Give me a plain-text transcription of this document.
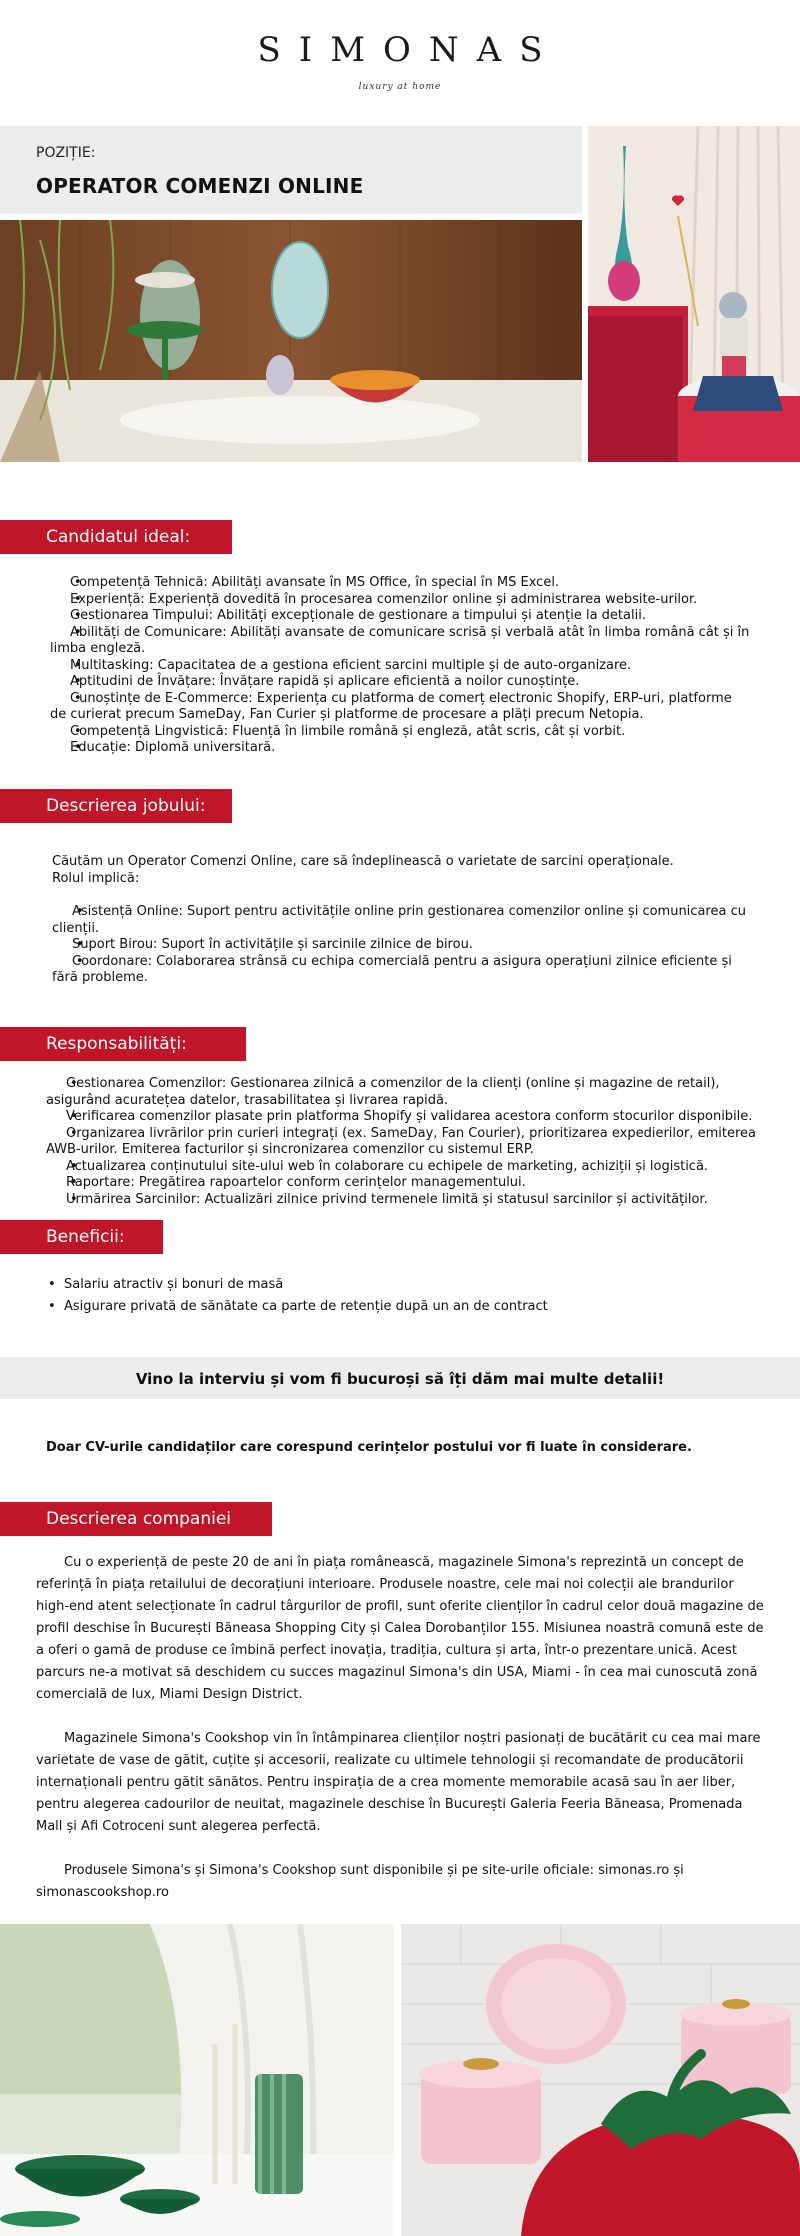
SIMONAS
luxury at home
POZIȚIE:
OPERATOR COMENZI ONLINE
Candidatul ideal:
• Competență Tehnică: Abilități avansate în MS Office, în special în MS Excel.
• Experiență: Experiență dovedită în procesarea comenzilor online și administrarea website-urilor.
• Gestionarea Timpului: Abilități excepționale de gestionare a timpului și atenție la detalii.
• Abilități de Comunicare: Abilități avansate de comunicare scrisă și verbală atât în limba română cât și în limba engleză.
• Multitasking: Capacitatea de a gestiona eficient sarcini multiple și de auto-organizare.
• Aptitudini de Învățare: Învățare rapidă și aplicare eficientă a noilor cunoștințe.
• Cunoștințe de E-Commerce: Experiența cu platforma de comerț electronic Shopify, ERP-uri, platforme de curierat precum SameDay, Fan Curier și platforme de procesare a plăți precum Netopia.
• Competență Lingvistică: Fluență în limbile română și engleză, atât scris, cât și vorbit.
• Educație: Diplomă universitară.
Descrierea jobului:
Căutăm un Operator Comenzi Online, care să îndeplinească o varietate de sarcini operaționale.
Rolul implică:
• Asistență Online: Suport pentru activitățile online prin gestionarea comenzilor online și comunicarea cu clienții.
• Suport Birou: Suport în activitățile și sarcinile zilnice de birou.
• Coordonare: Colaborarea strânsă cu echipa comercială pentru a asigura operațiuni zilnice eficiente și fără probleme.
Responsabilități:
• Gestionarea Comenzilor: Gestionarea zilnică a comenzilor de la clienți (online și magazine de retail), asigurând acuratețea datelor, trasabilitatea și livrarea rapidă.
• Verificarea comenzilor plasate prin platforma Shopify și validarea acestora conform stocurilor disponibile.
• Organizarea livrărilor prin curieri integrați (ex. SameDay, Fan Courier), prioritizarea expedierilor, emiterea AWB-urilor. Emiterea facturilor și sincronizarea comenzilor cu sistemul ERP.
• Actualizarea conținutului site-ului web în colaborare cu echipele de marketing, achiziții și logistică.
• Raportare: Pregătirea rapoartelor conform cerințelor managementului.
• Urmărirea Sarcinilor: Actualizări zilnice privind termenele limită și statusul sarcinilor și activităților.
Beneficii:
• Salariu atractiv și bonuri de masă
• Asigurare privată de sănătate ca parte de retenție după un an de contract
Vino la interviu și vom fi bucuroși să îți dăm mai multe detalii!
Doar CV-urile candidaților care corespund cerințelor postului vor fi luate în considerare.
Descrierea companiei

Cu o experiență de peste 20 de ani în piața românească, magazinele Simona's reprezintă un concept de referință în piața retailului de decorațiuni interioare. Produsele noastre, cele mai noi colecții ale brandurilor high-end atent selecționate în cadrul târgurilor de profil, sunt oferite clienților în cadrul celor două magazine de profil deschise în București Băneasa Shopping City și Calea Dorobanților 155. Misiunea noastră comună este de a oferi o gamă de produse ce îmbină perfect inovația, tradiția, cultura și arta, într-o prezentare unică. Acest parcurs ne-a motivat să deschidem cu succes magazinul Simona's din USA, Miami - în cea mai cunoscută zonă comercială de lux, Miami Design District.

Magazinele Simona's Cookshop vin în întâmpinarea clienților noștri pasionați de bucătărit cu cea mai mare varietate de vase de gătit, cuțite și accesorii, realizate cu ultimele tehnologii și recomandate de producătorii internaționali pentru gătit sănătos. Pentru inspirația de a crea momente memorabile acasă sau în aer liber, pentru alegerea cadourilor de neuitat, magazinele deschise în București Galeria Feeria Băneasa, Promenada Mall și Afi Cotroceni sunt alegerea perfectă.

Produsele Simona's și Simona's Cookshop sunt disponibile și pe site-urile oficiale: simonas.ro și simonascookshop.ro
